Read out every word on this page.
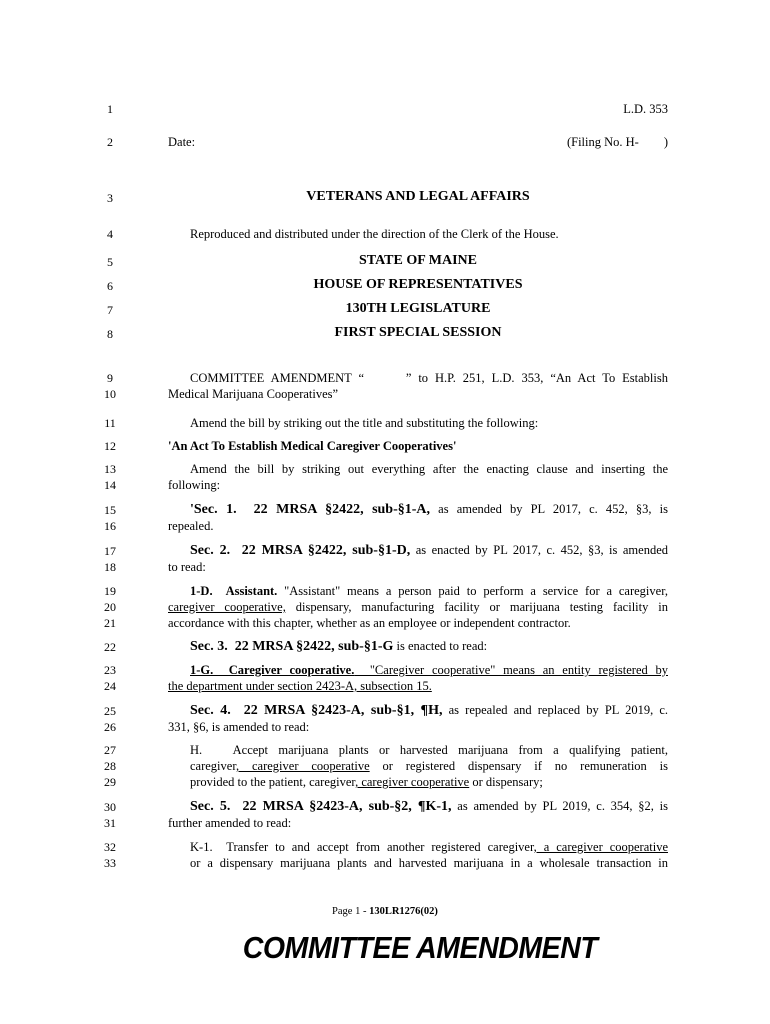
1
2
3
4
5
6
7
8
9
10
11
12
13
14
15
16
17
18
19
20
21
22
23
24
25
26
27
28
29
30
31
32
33
L.D. 353
Date:	(Filing No. H-        )
VETERANS AND LEGAL AFFAIRS
Reproduced and distributed under the direction of the Clerk of the House.
STATE OF MAINE
HOUSE OF REPRESENTATIVES
130TH LEGISLATURE
FIRST SPECIAL SESSION
COMMITTEE AMENDMENT “      ” to H.P. 251, L.D. 353, “An Act To Establish
Medical Marijuana Cooperatives”
Amend the bill by striking out the title and substituting the following:
'An Act To Establish Medical Caregiver Cooperatives'
Amend the bill by striking out everything after the enacting clause and inserting the
following:
'Sec. 1.  22 MRSA §2422, sub-§1-A, as amended by PL 2017, c. 452, §3, is
repealed.
Sec. 2.  22 MRSA §2422, sub-§1-D, as enacted by PL 2017, c. 452, §3, is amended
to read:
1-D.  Assistant. "Assistant" means a person paid to perform a service for a caregiver,
caregiver cooperative, dispensary, manufacturing facility or marijuana testing facility in
accordance with this chapter, whether as an employee or independent contractor.
Sec. 3.  22 MRSA §2422, sub-§1-G is enacted to read:
1-G.  Caregiver cooperative.  "Caregiver cooperative" means an entity registered by
the department under section 2423-A, subsection 15.
Sec. 4.  22 MRSA §2423-A, sub-§1, ¶H, as repealed and replaced by PL 2019, c.
331, §6, is amended to read:
H.   Accept marijuana plants or harvested marijuana from a qualifying patient,
caregiver, caregiver cooperative or registered dispensary if no remuneration is
provided to the patient, caregiver, caregiver cooperative or dispensary;
Sec. 5.  22 MRSA §2423-A, sub-§2, ¶K-1, as amended by PL 2019, c. 354, §2, is
further amended to read:
K-1.  Transfer to and accept from another registered caregiver, a caregiver cooperative
or a dispensary marijuana plants and harvested marijuana in a wholesale transaction in
Page 1 - 130LR1276(02)
COMMITTEE AMENDMENT
